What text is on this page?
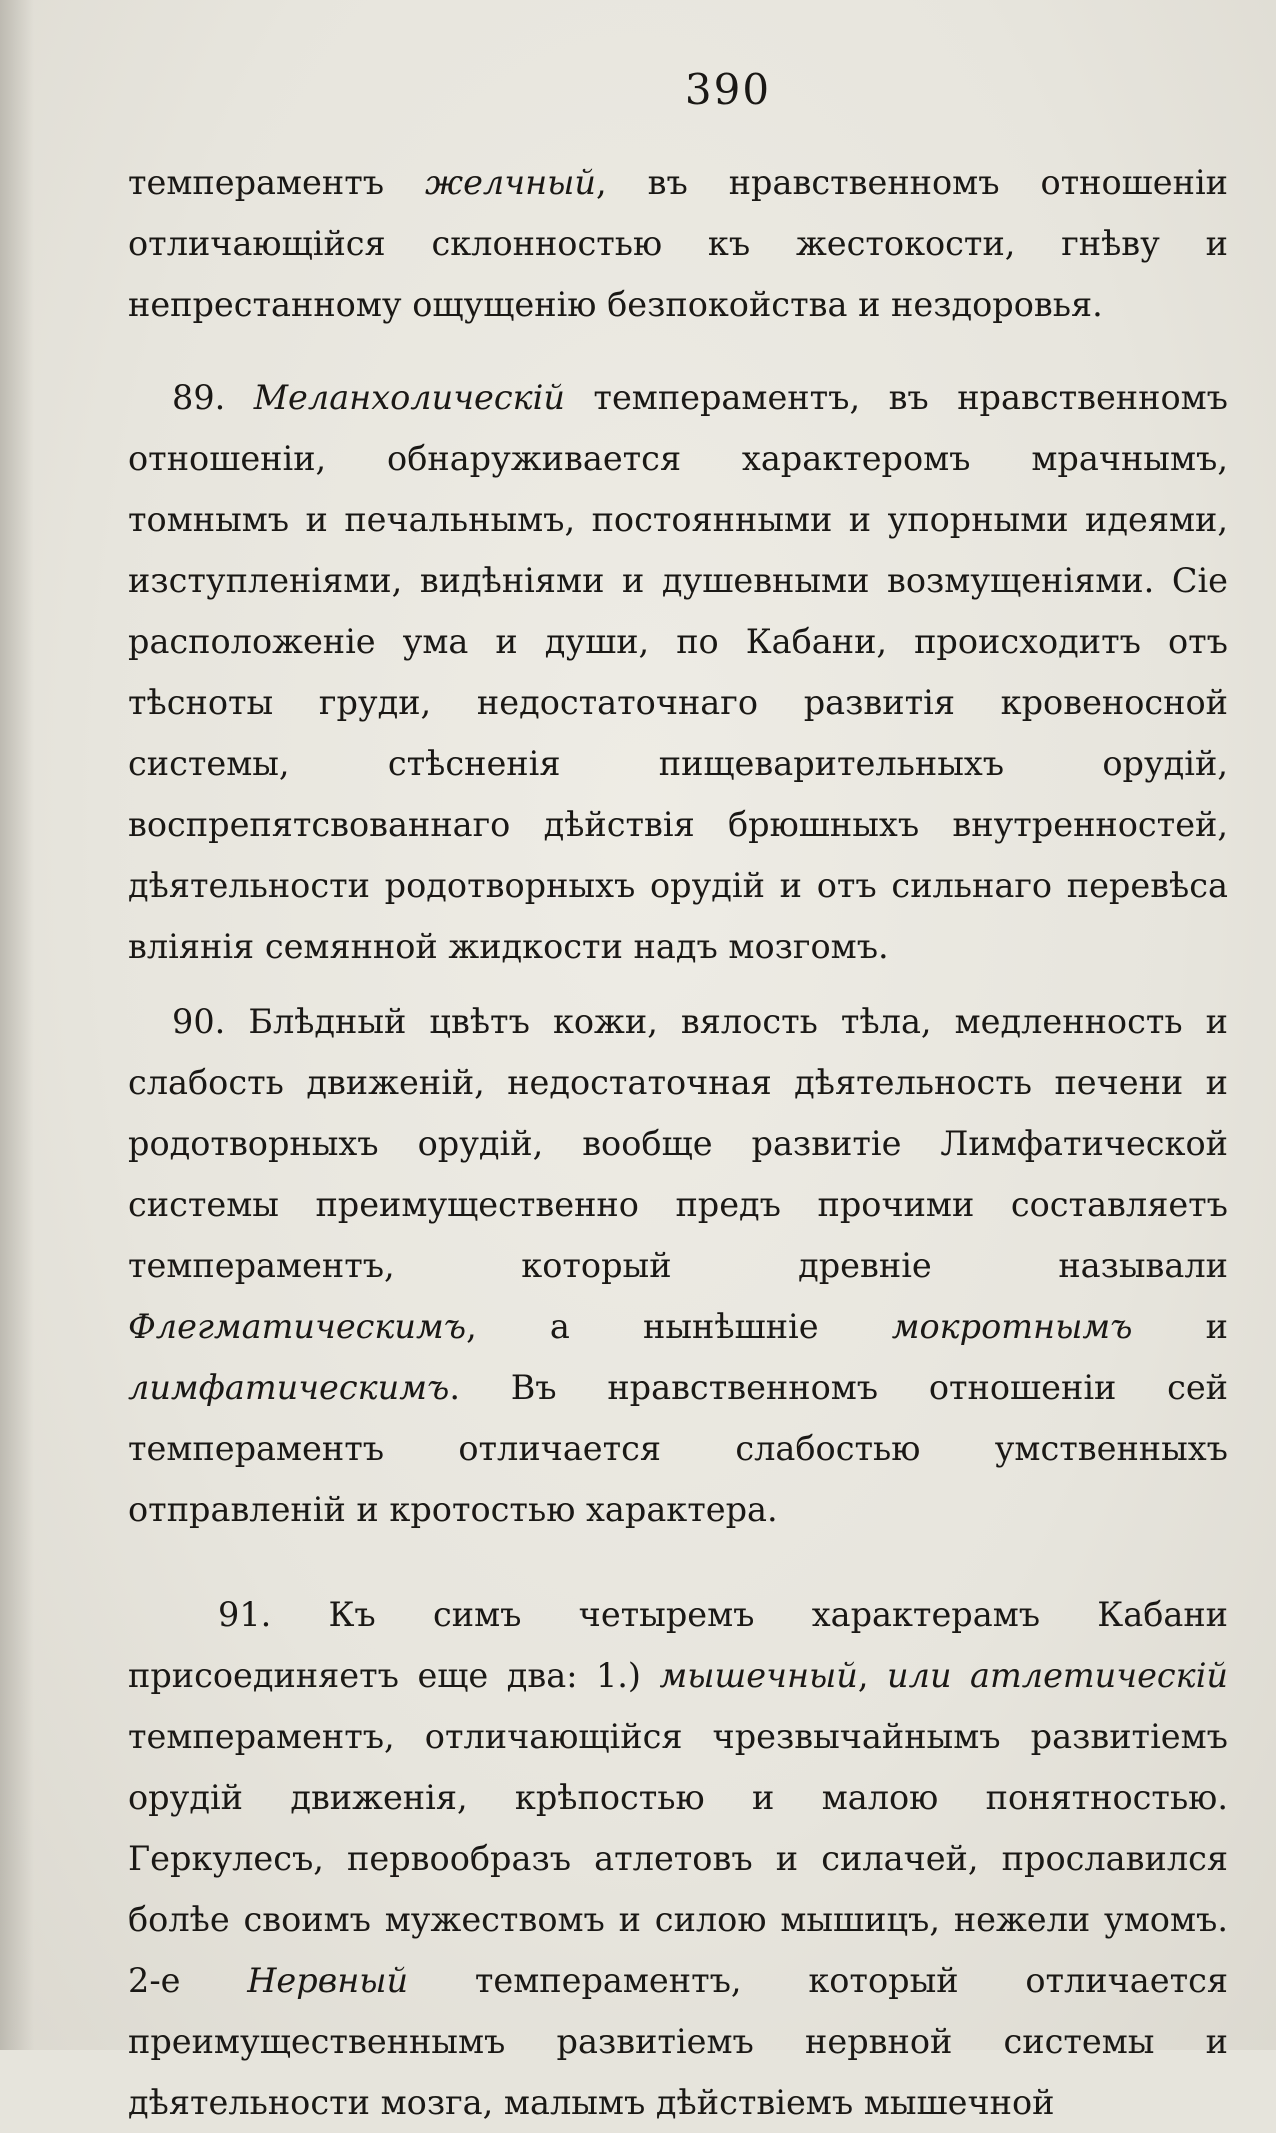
390

темпераментъ желчный, въ нравственномъ отношеніи отличающійся склонностью къ жестокости, гнѣву и непрестанному ощущенію безпокойства и нездоровья.

89. Меланхолическій темпераментъ, въ нравственномъ отношеніи, обнаруживается характеромъ мрачнымъ, томнымъ и печальнымъ, постоянными и упорными идеями, изступленіями, видѣніями и душевными возмущеніями. Сіе расположеніе ума и души, по Кабани, происходитъ отъ тѣсноты груди, недостаточнаго развитія кровеносной системы, стѣсненія пищеварительныхъ орудій, воспрепятсвованнаго дѣйствія брюшныхъ внутренностей, дѣятельности родотворныхъ орудій и отъ сильнаго перевѣса вліянія семянной жидкости надъ мозгомъ.

90. Блѣдный цвѣтъ кожи, вялость тѣла, медленность и слабость движеній, недостаточная дѣятельность печени и родотворныхъ орудій, вообще развитіе Лимфатической системы преимущественно предъ прочими составляетъ темпераментъ, который древніе называли Флегматическимъ, а нынѣшніе мокротнымъ и лимфатическимъ. Въ нравственномъ отношеніи сей темпераментъ отличается слабостью умственныхъ отправленій и кротостью характера.

91. Къ симъ четыремъ характерамъ Кабани присоединяетъ еще два: 1.) мышечный, или атлетическій темпераментъ, отличающійся чрезвычайнымъ развитіемъ орудій движенія, крѣпостью и малою понятностью. Геркулесъ, первообразъ атлетовъ и силачей, прославился болѣе своимъ мужествомъ и силою мышицъ, нежели умомъ. 2-е Нервный темпераментъ, который отличается преимущественнымъ развитіемъ нервной системы и дѣятельности мозга, малымъ дѣйствіемъ мышечной
